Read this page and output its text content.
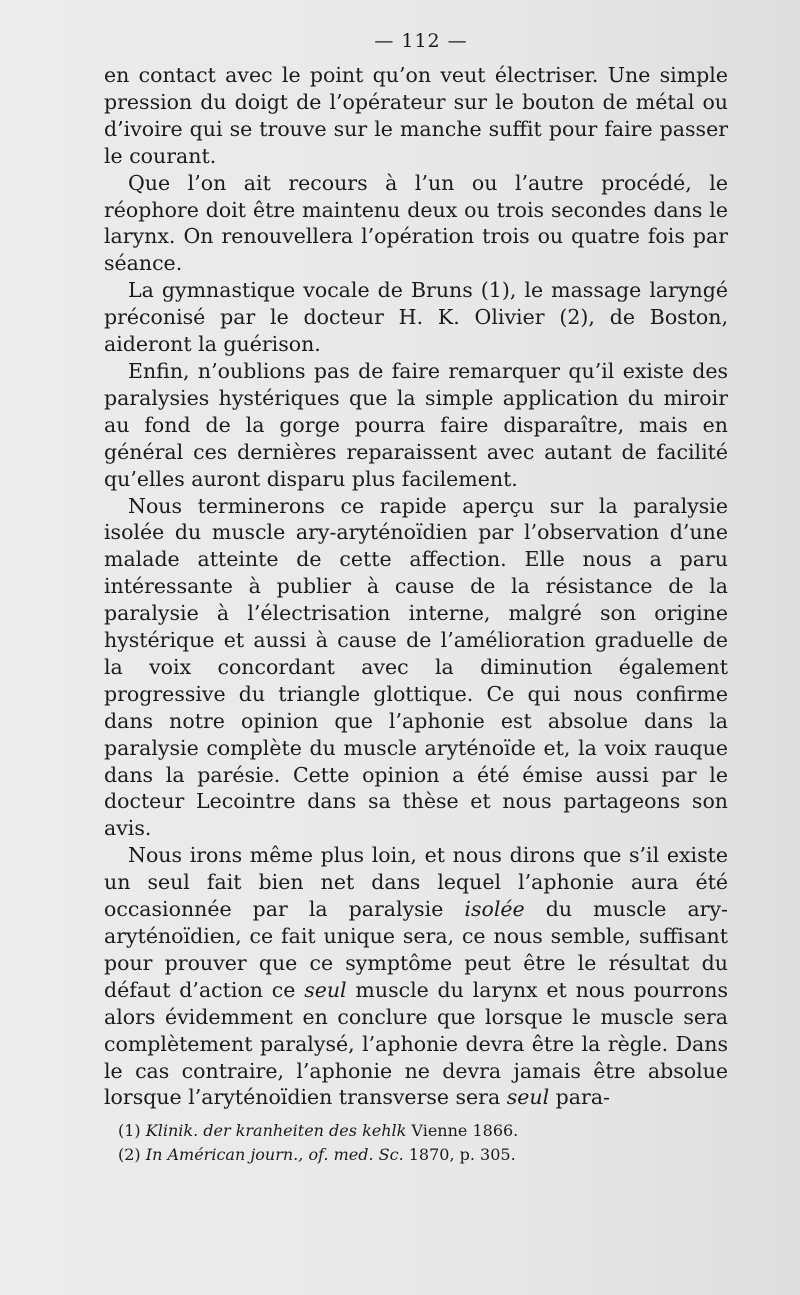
— 112 —

en contact avec le point qu’on veut électriser. Une simple pression du doigt de l’opérateur sur le bouton de métal ou d’ivoire qui se trouve sur le manche suffit pour faire passer le courant.

Que l’on ait recours à l’un ou l’autre procédé, le réophore doit être maintenu deux ou trois secondes dans le larynx. On renouvellera l’opération trois ou quatre fois par séance.

La gymnastique vocale de Bruns (1), le massage laryngé préconisé par le docteur H. K. Olivier (2), de Boston, aideront la guérison.

Enfin, n’oublions pas de faire remarquer qu’il existe des paralysies hystériques que la simple application du miroir au fond de la gorge pourra faire disparaître, mais en général ces dernières reparaissent avec autant de facilité qu’elles auront disparu plus facilement.

Nous terminerons ce rapide aperçu sur la paralysie isolée du muscle ary-aryténoïdien par l’observation d’une malade atteinte de cette affection. Elle nous a paru intéressante à publier à cause de la résistance de la paralysie à l’électrisation interne, malgré son origine hystérique et aussi à cause de l’amélioration graduelle de la voix concordant avec la diminution également progressive du triangle glottique. Ce qui nous confirme dans notre opinion que l’aphonie est absolue dans la paralysie complète du muscle aryténoïde et, la voix rauque dans la parésie. Cette opinion a été émise aussi par le docteur Lecointre dans sa thèse et nous partageons son avis.

Nous irons même plus loin, et nous dirons que s’il existe un seul fait bien net dans lequel l’aphonie aura été occasionnée par la paralysie isolée du muscle ary-aryténoïdien, ce fait unique sera, ce nous semble, suffisant pour prouver que ce symptôme peut être le résultat du défaut d’action ce seul muscle du larynx et nous pourrons alors évidemment en conclure que lorsque le muscle sera complètement paralysé, l’aphonie devra être la règle. Dans le cas contraire, l’aphonie ne devra jamais être absolue lorsque l’aryténoïdien transverse sera seul para-

(1) Klinik. der kranheiten des kehlk Vienne 1866.
(2) In Américan journ., of. med. Sc. 1870, p. 305.
